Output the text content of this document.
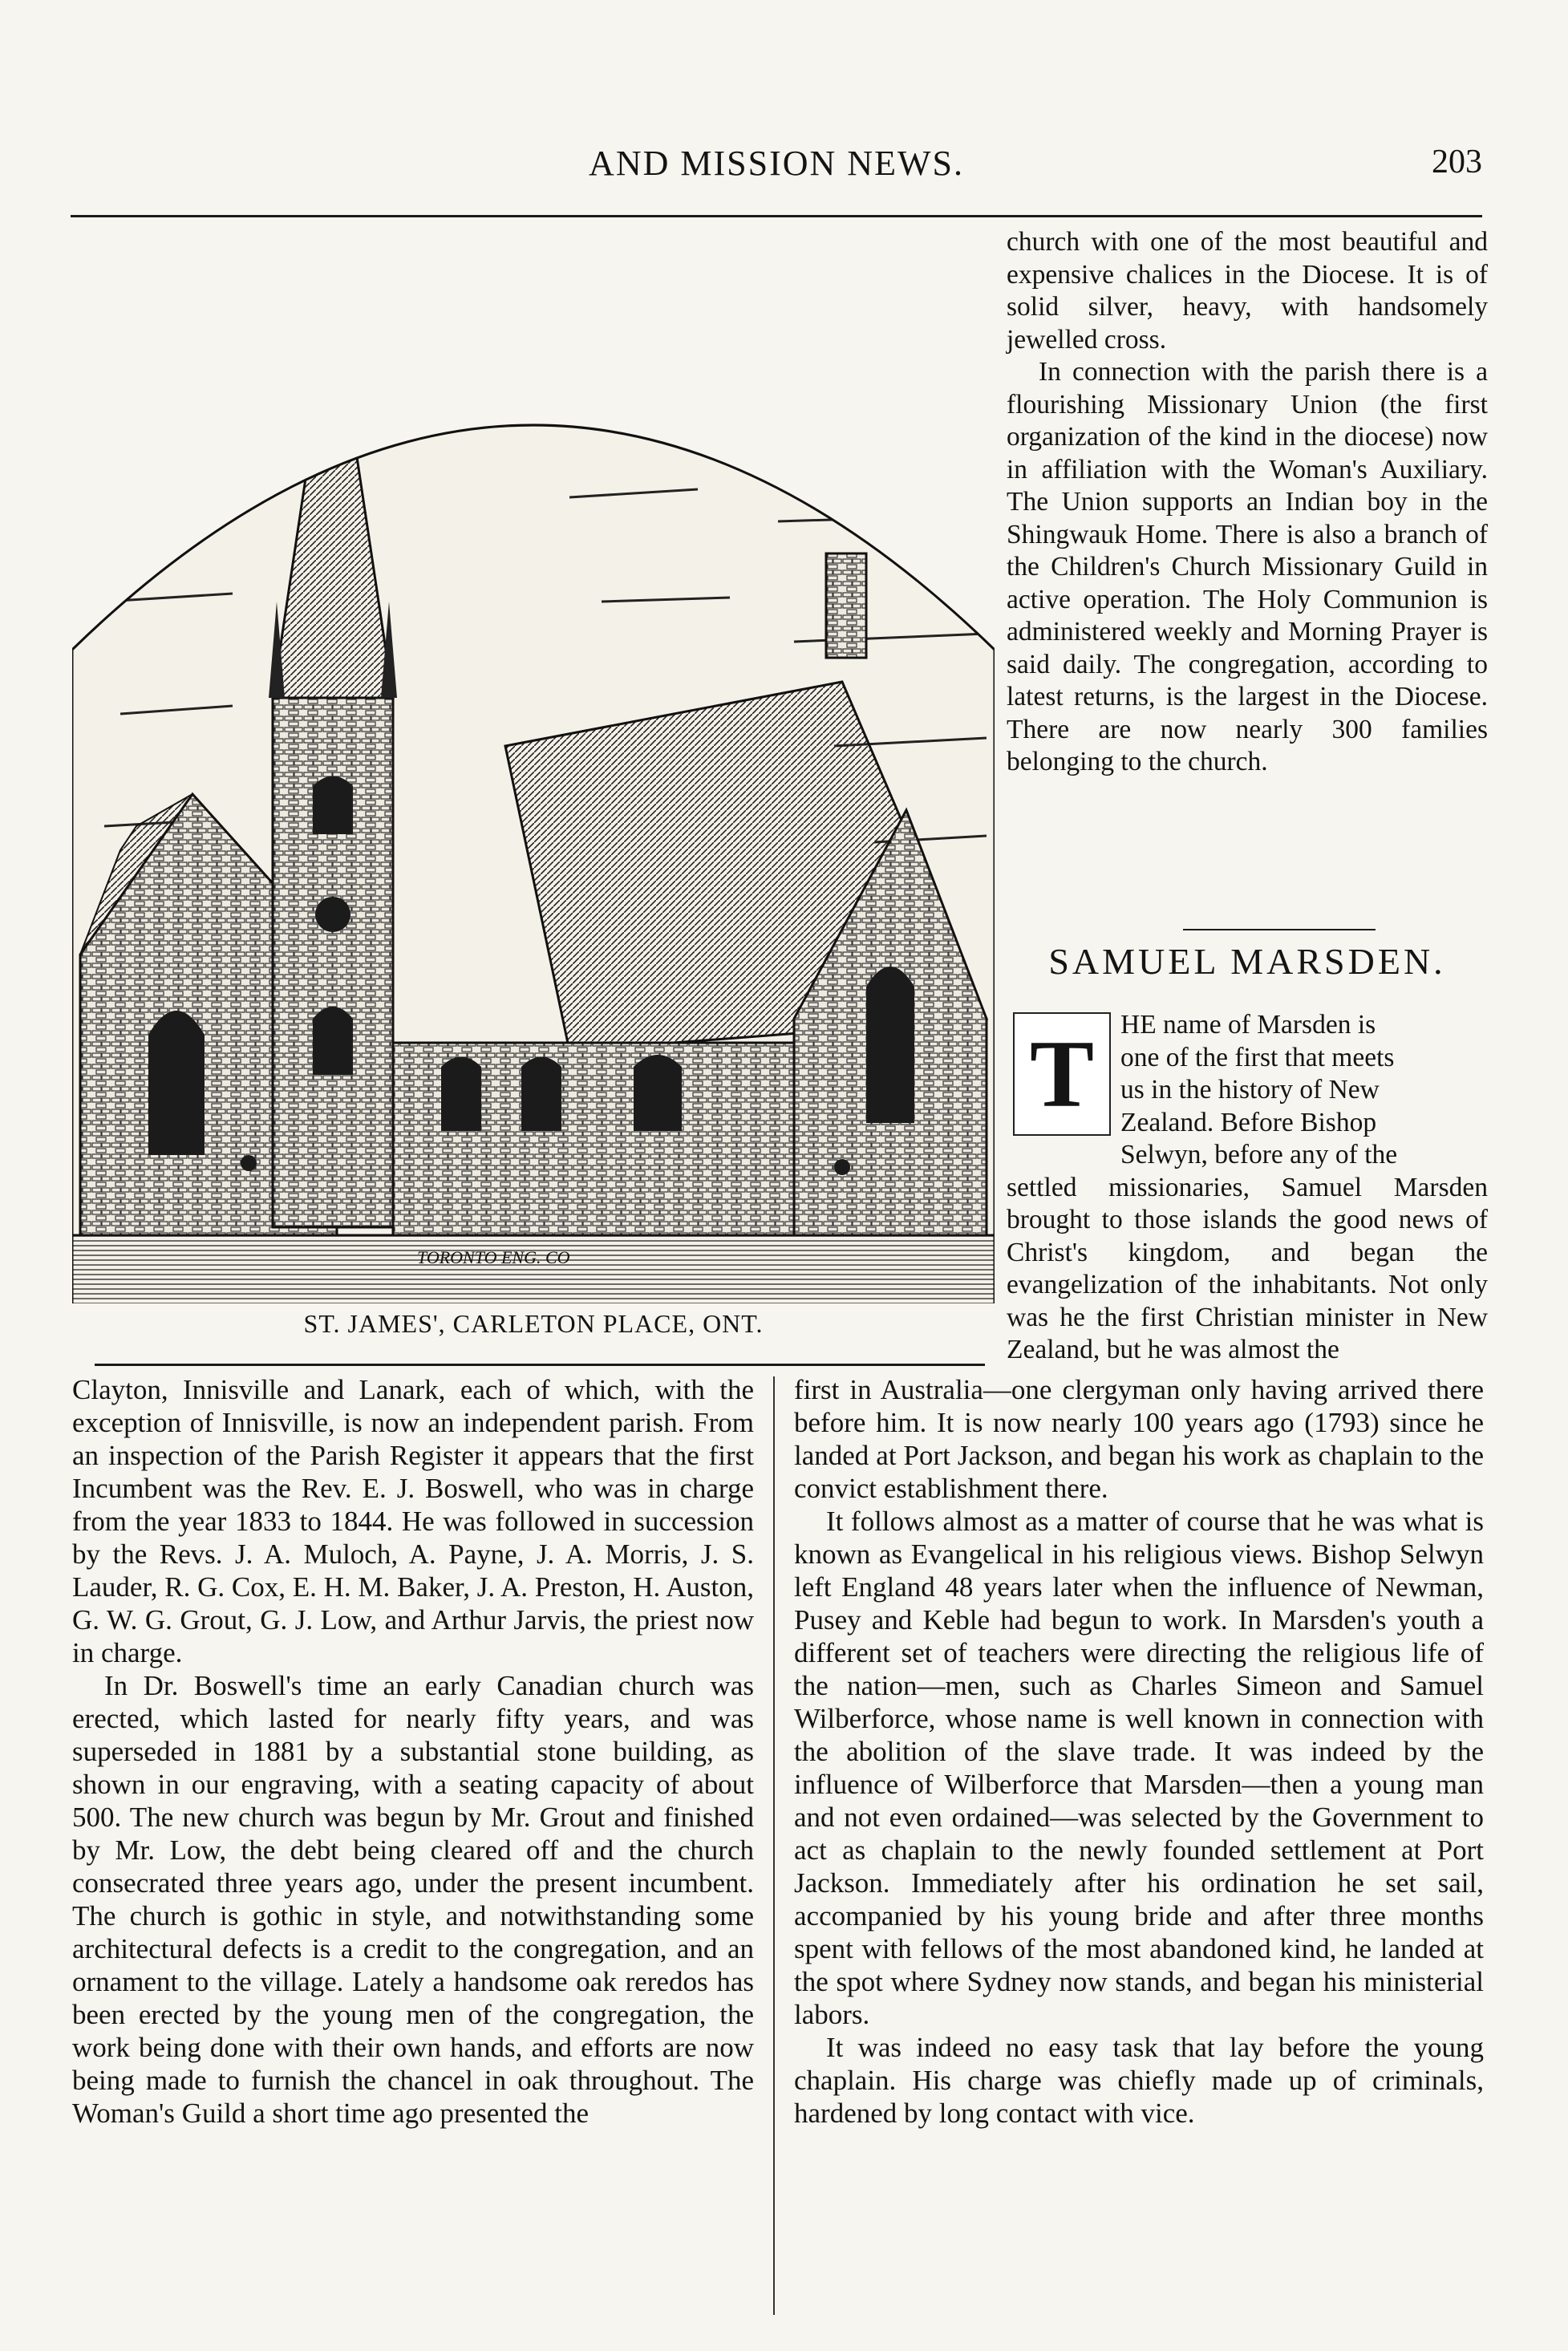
AND MISSION NEWS.	203
TORONTO ENG. CO
ST. JAMES', CARLETON PLACE, ONT.

church with one of the most beautiful and expensive chalices in the Diocese. It is of solid silver, heavy, with handsomely jewelled cross.

In connection with the parish there is a flourishing Missionary Union (the first organization of the kind in the diocese) now in affiliation with the Woman's Auxiliary. The Union supports an Indian boy in the Shingwauk Home. There is also a branch of the Children's Church Missionary Guild in active operation. The Holy Communion is administered weekly and Morning Prayer is said daily. The congregation, according to latest returns, is the largest in the Diocese. There are now nearly 300 families belonging to the church.

SAMUEL MARSDEN.
T HE name of Marsden is
one of the first that meets
us in the history of New
Zealand. Before Bishop
Selwyn, before any of the

settled missionaries, Samuel Marsden brought to those islands the good news of Christ's kingdom, and began the evangelization of the inhabitants. Not only was he the first Christian minister in New Zealand, but he was almost the

Clayton, Innisville and Lanark, each of which, with the exception of Innisville, is now an independent parish. From an inspection of the Parish Register it appears that the first Incumbent was the Rev. E. J. Boswell, who was in charge from the year 1833 to 1844. He was followed in succession by the Revs. J. A. Muloch, A. Payne, J. A. Morris, J. S. Lauder, R. G. Cox, E. H. M. Baker, J. A. Preston, H. Auston, G. W. G. Grout, G. J. Low, and Arthur Jarvis, the priest now in charge.

In Dr. Boswell's time an early Canadian church was erected, which lasted for nearly fifty years, and was superseded in 1881 by a substantial stone building, as shown in our engraving, with a seating capacity of about 500. The new church was begun by Mr. Grout and finished by Mr. Low, the debt being cleared off and the church consecrated three years ago, under the present incumbent. The church is gothic in style, and notwithstanding some architectural defects is a credit to the congregation, and an ornament to the village. Lately a handsome oak reredos has been erected by the young men of the congregation, the work being done with their own hands, and efforts are now being made to furnish the chancel in oak throughout. The Woman's Guild a short time ago presented the

first in Australia—one clergyman only having arrived there before him. It is now nearly 100 years ago (1793) since he landed at Port Jackson, and began his work as chaplain to the convict establishment there.

It follows almost as a matter of course that he was what is known as Evangelical in his religious views. Bishop Selwyn left England 48 years later when the influence of Newman, Pusey and Keble had begun to work. In Marsden's youth a different set of teachers were directing the religious life of the nation—men, such as Charles Simeon and Samuel Wilberforce, whose name is well known in connection with the abolition of the slave trade. It was indeed by the influence of Wilberforce that Marsden—then a young man and not even ordained—was selected by the Government to act as chaplain to the newly founded settlement at Port Jackson. Immediately after his ordination he set sail, accompanied by his young bride and after three months spent with fellows of the most abandoned kind, he landed at the spot where Sydney now stands, and began his ministerial labors.

It was indeed no easy task that lay before the young chaplain. His charge was chiefly made up of criminals, hardened by long contact with vice.
